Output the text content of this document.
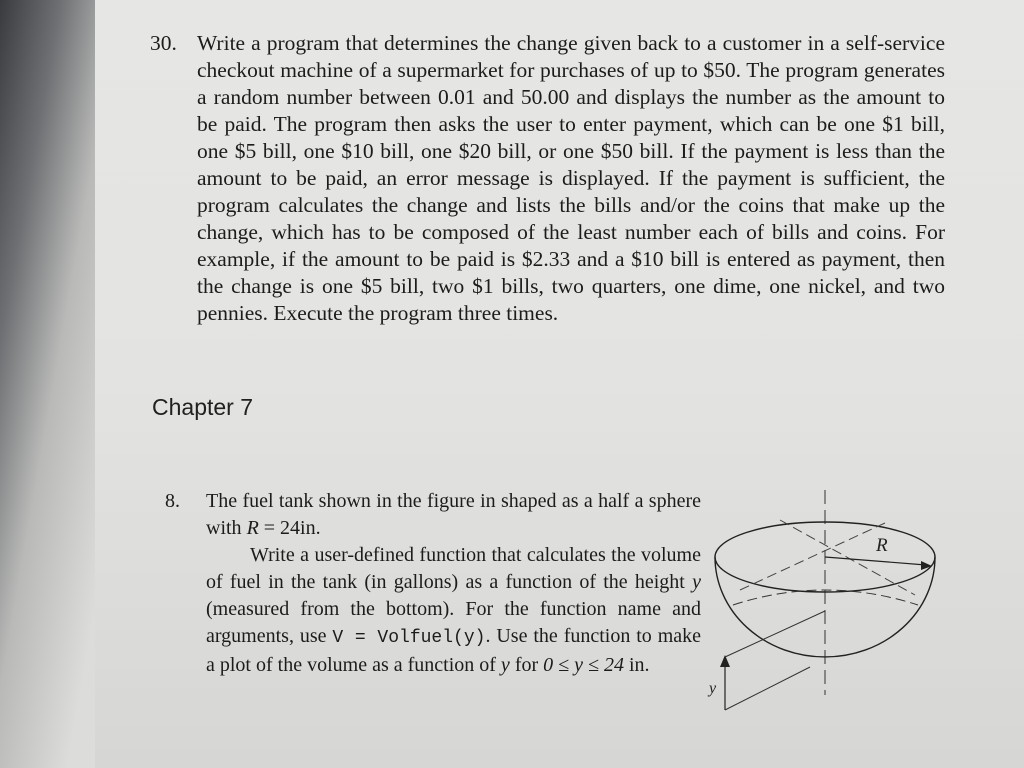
30. Write a program that determines the change given back to a customer in a self-service checkout machine of a supermarket for purchases of up to $50. The program generates a random number between 0.01 and 50.00 and displays the number as the amount to be paid. The program then asks the user to enter payment, which can be one $1 bill, one $5 bill, one $10 bill, one $20 bill, or one $50 bill. If the payment is less than the amount to be paid, an error message is displayed. If the payment is sufficient, the program calculates the change and lists the bills and/or the coins that make up the change, which has to be composed of the least number each of bills and coins. For example, if the amount to be paid is $2.33 and a $10 bill is entered as payment, then the change is one $5 bill, two $1 bills, two quarters, one dime, one nickel, and two pennies. Execute the program three times.
Chapter 7
8. The fuel tank shown in the figure in shaped as a half a sphere with R = 24in.
Write a user-defined function that calculates the volume of fuel in the tank (in gallons) as a function of the height y (measured from the bottom). For the function name and arguments, use V = Volfuel(y). Use the function to make a plot of the volume as a function of y for 0 ≤ y ≤ 24 in.
R
y
